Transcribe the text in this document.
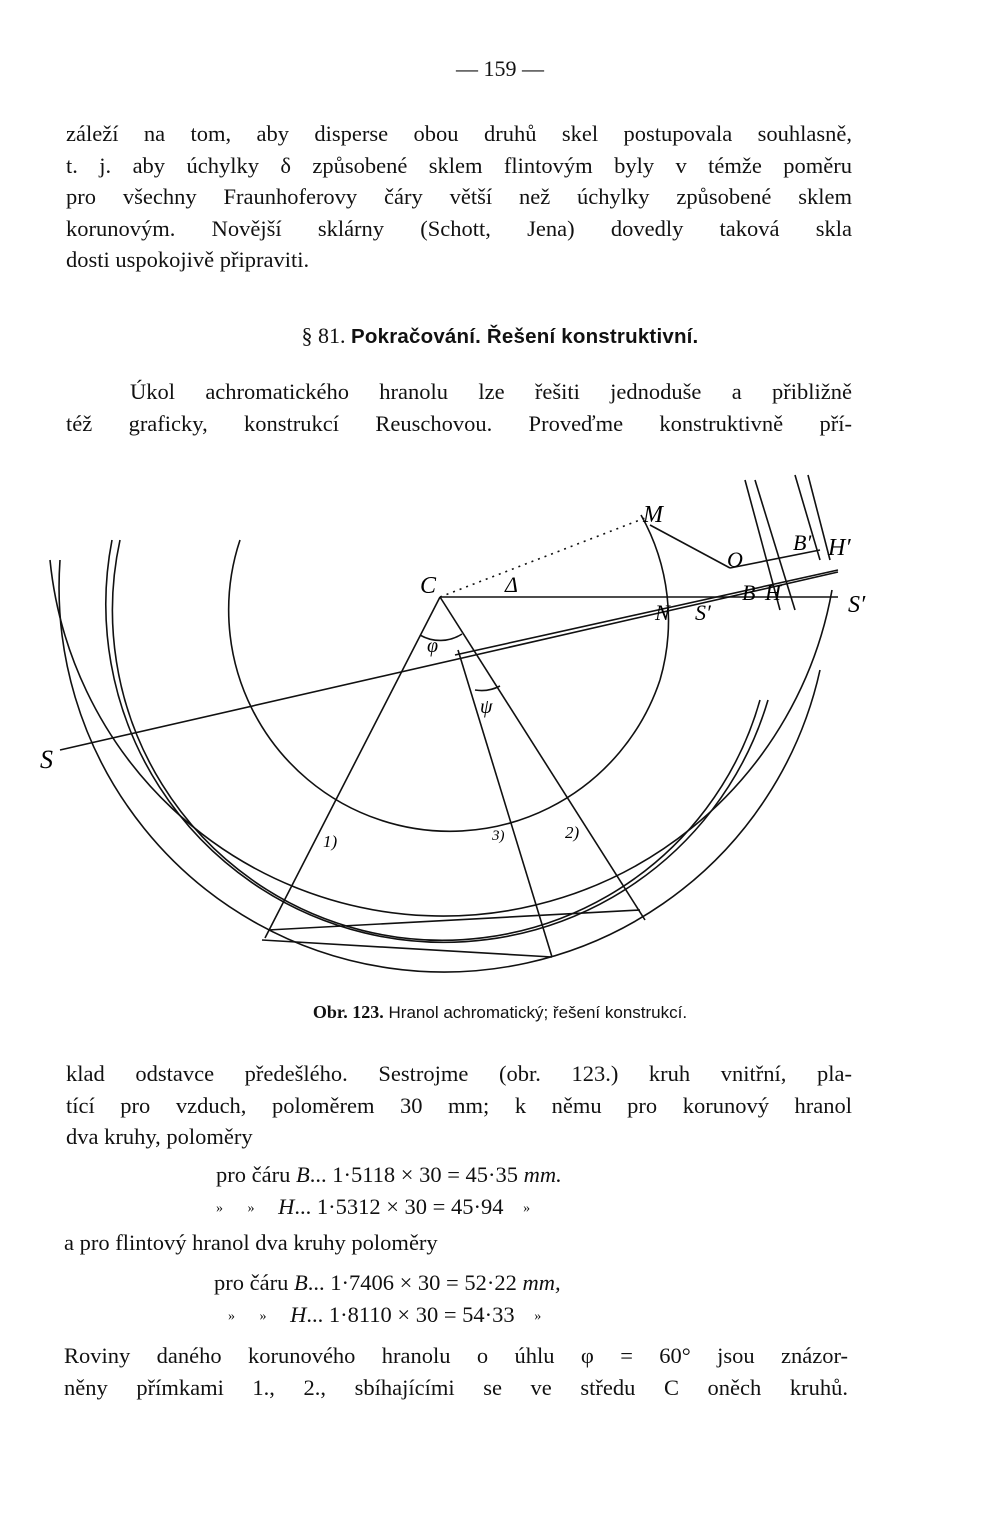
— 159 —
záleží na tom, aby disperse obou druhů skel postupovala souhlasně,
t. j. aby úchylky δ způsobené sklem flintovým byly v témže poměru
pro všechny Fraunhoferovy čáry větší než úchylky způsobené sklem
korunovým. Novější sklárny (Schott, Jena) dovedly taková skla
dosti uspokojivě připraviti.
§ 81. Pokračování. Řešení konstruktivní.
Úkol achromatického hranolu lze řešiti jednoduše a přibližně
též graficky, konstrukcí Reuschovou. Proveďme konstruktivně pří-
S
C	Δ
M
O
B′ H′
B H
N S′	S′
φ
ψ
1)	2)
3)
Obr. 123. Hranol achromatický; řešení konstrukcí.
klad odstavce předešlého. Sestrojme (obr. 123.) kruh vnitřní, pla-
tící pro vzduch, poloměrem 30 mm; k němu pro korunový hranol
dva kruhy, poloměry
pro čáru B... 1·5118 × 30 = 45·35 mm.
»       » H... 1·5312 × 30 = 45·94 »
a pro flintový hranol dva kruhy poloměry
pro čáru B... 1·7406 × 30 = 52·22 mm,
»       » H... 1·8110 × 30 = 54·33 »
Roviny daného korunového hranolu o úhlu φ = 60° jsou znázor-
něny přímkami 1., 2., sbíhajícími se ve středu C oněch kruhů.
